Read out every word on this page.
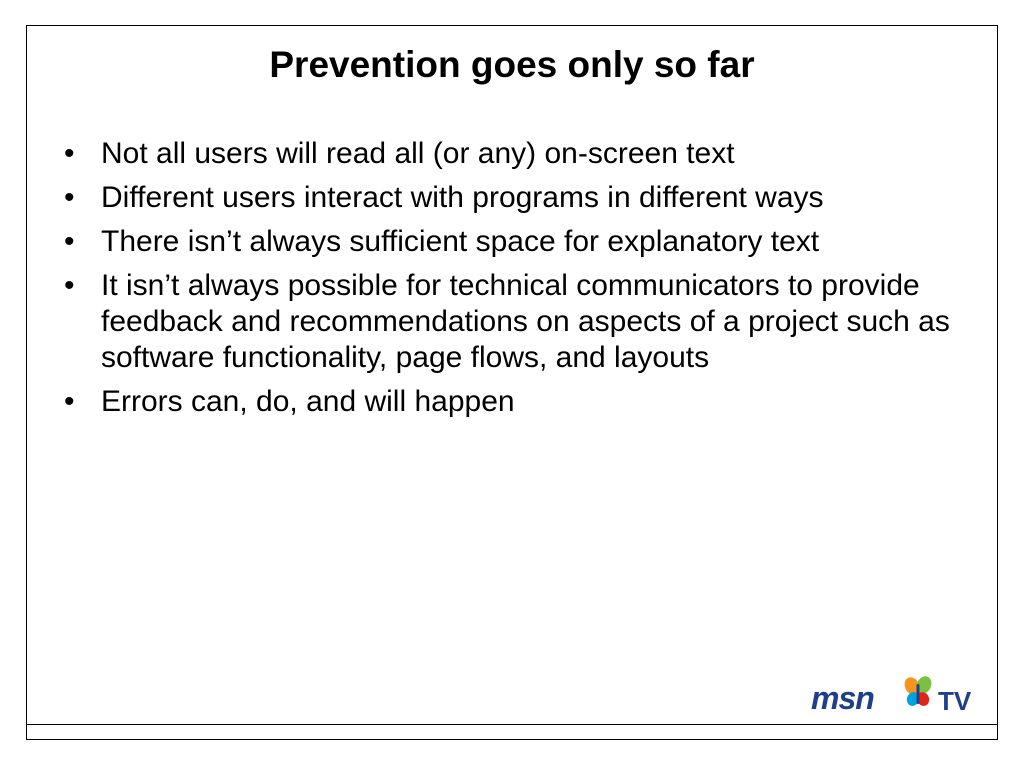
Prevention goes only so far
• Not all users will read all (or any) on-screen text
• Different users interact with programs in different ways
• There isn’t always sufficient space for explanatory text
• It isn’t always possible for technical communicators to provide feedback and recommendations on aspects of a project such as software functionality, page flows, and layouts
• Errors can, do, and will happen
msn TV
